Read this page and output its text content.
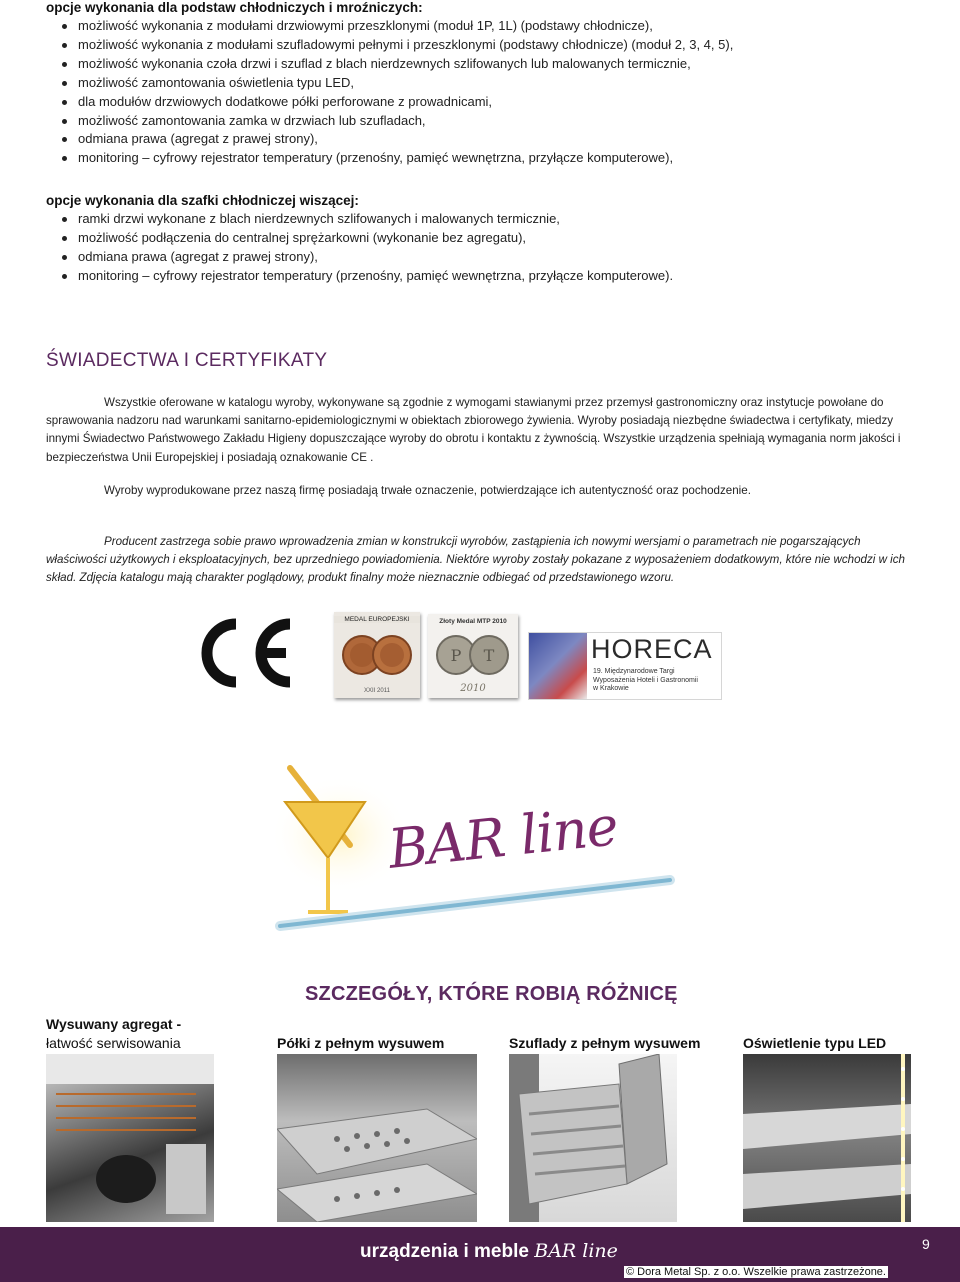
opcje wykonania dla podstaw chłodniczych i mroźniczych:
możliwość wykonania z modułami drzwiowymi przeszklonymi (moduł 1P, 1L) (podstawy chłodnicze),
możliwość wykonania z modułami szufladowymi pełnymi i przeszklonymi (podstawy chłodnicze) (moduł 2, 3, 4, 5),
możliwość wykonania czoła drzwi i szuflad z blach nierdzewnych szlifowanych lub malowanych termicznie,
możliwość zamontowania oświetlenia typu LED,
dla modułów drzwiowych dodatkowe półki perforowane z prowadnicami,
możliwość zamontowania zamka w drzwiach lub szufladach,
odmiana prawa (agregat z prawej strony),
monitoring – cyfrowy rejestrator temperatury (przenośny, pamięć wewnętrzna, przyłącze komputerowe),
opcje wykonania dla szafki chłodniczej wiszącej:
ramki drzwi wykonane z blach nierdzewnych szlifowanych i malowanych termicznie,
możliwość podłączenia do centralnej sprężarkowni (wykonanie bez agregatu),
odmiana prawa (agregat z prawej strony),
monitoring – cyfrowy rejestrator temperatury (przenośny, pamięć wewnętrzna, przyłącze komputerowe).
ŚWIADECTWA I CERTYFIKATY
Wszystkie oferowane w katalogu wyroby, wykonywane są zgodnie z wymogami stawianymi przez przemysł gastronomiczny oraz instytucje powołane do sprawowania nadzoru nad warunkami sanitarno-epidemiologicznymi w obiektach zbiorowego żywienia. Wyroby posiadają niezbędne świadectwa i certyfikaty, miedzy innymi Świadectwo Państwowego Zakładu Higieny dopuszczające wyroby do obrotu i kontaktu z żywnością. Wszystkie urządzenia spełniają wymagania norm jakości i bezpieczeństwa Unii Europejskiej i posiadają oznakowanie CE .
Wyroby wyprodukowane przez naszą firmę posiadają trwałe oznaczenie, potwierdzające ich autentyczność oraz pochodzenie.
Producent zastrzega sobie prawo wprowadzenia zmian w konstrukcji wyrobów, zastąpienia ich nowymi wersjami o parametrach nie pogarszających właściwości użytkowych i eksploatacyjnych, bez uprzedniego powiadomienia. Niektóre wyroby zostały pokazane z wyposażeniem dodatkowym, które nie wchodzi w ich skład. Zdjęcia katalogu mają charakter poglądowy, produkt finalny może nieznacznie odbiegać od przedstawionego wzoru.
MEDAL EUROPEJSKI
XXII 2011
Złoty Medal MTP 2010
P T
2010
HORECA
19. Międzynarodowe Targi
Wyposażenia Hoteli i Gastronomii
w Krakowie
BAR line
SZCZEGÓŁY, KTÓRE ROBIĄ RÓŻNICĘ
Wysuwany agregat -
łatwość serwisowania	Półki z pełnym wysuwem	Szuflady z pełnym wysuwem	Oświetlenie typu LED
urządzenia i meble BAR line	9
© Dora Metal Sp. z o.o. Wszelkie prawa zastrzeżone.
